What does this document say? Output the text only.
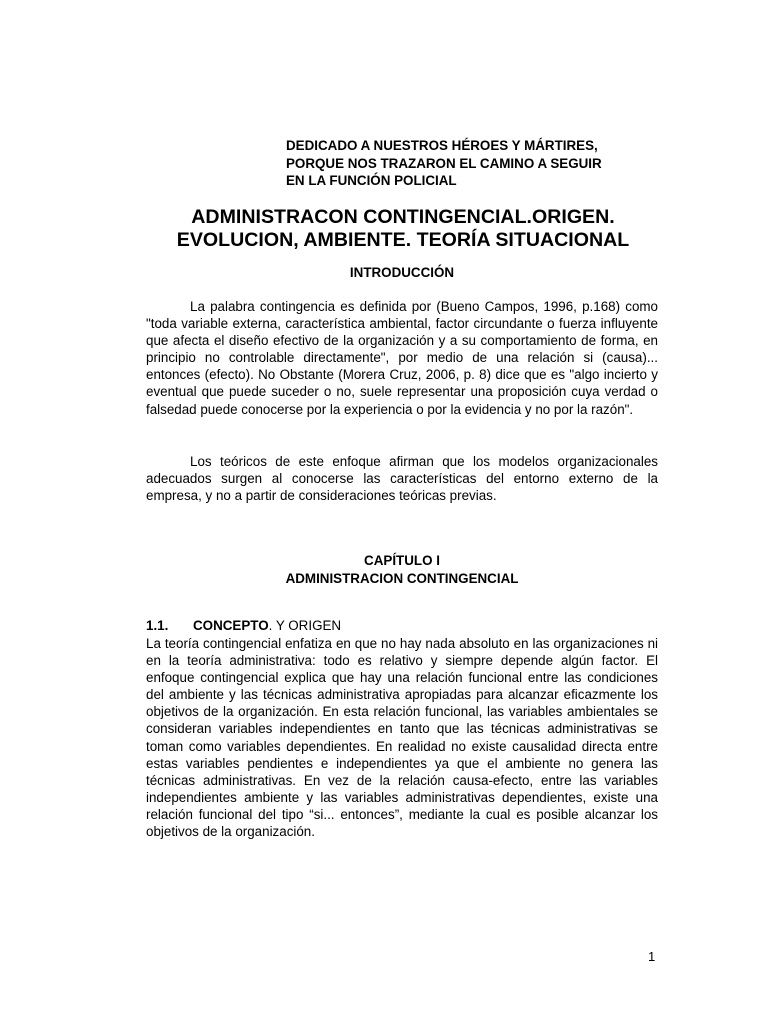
DEDICADO A NUESTROS HÉROES Y MÁRTIRES,
PORQUE NOS TRAZARON EL CAMINO A SEGUIR
EN LA FUNCIÓN POLICIAL
ADMINISTRACON CONTINGENCIAL.ORIGEN.
EVOLUCION, AMBIENTE. TEORÍA SITUACIONAL
INTRODUCCIÓN

La palabra contingencia es definida por (Bueno Campos, 1996, p.168) como "toda variable externa, característica ambiental, factor circundante o fuerza influyente que afecta el diseño efectivo de la organización y a su comportamiento de forma, en principio no controlable directamente", por medio de una relación si (causa)... entonces (efecto). No Obstante (Morera Cruz, 2006, p. 8) dice que es "algo incierto y eventual que puede suceder o no, suele representar una proposición cuya verdad o falsedad puede conocerse por la experiencia o por la evidencia y no por la razón".

Los teóricos de este enfoque afirman que los modelos organizacionales adecuados surgen al conocerse las características del entorno externo de la empresa, y no a partir de consideraciones teóricas previas.

CAPÍTULO I
ADMINISTRACION CONTINGENCIAL
1.1. CONCEPTO. Y ORIGEN

La teoría contingencial enfatiza en que no hay nada absoluto en las organizaciones ni en la teoría administrativa: todo es relativo y siempre depende algún factor. El enfoque contingencial explica que hay una relación funcional entre las condiciones del ambiente y las técnicas administrativa apropiadas para alcanzar eficazmente los objetivos de la organización. En esta relación funcional, las variables ambientales se consideran variables independientes en tanto que las técnicas administrativas se toman como variables dependientes. En realidad no existe causalidad directa entre estas variables pendientes e independientes ya que el ambiente no genera las técnicas administrativas. En vez de la relación causa-efecto, entre las variables independientes ambiente y las variables administrativas dependientes, existe una relación funcional del tipo “si... entonces”, mediante la cual es posible alcanzar los objetivos de la organización.

1
